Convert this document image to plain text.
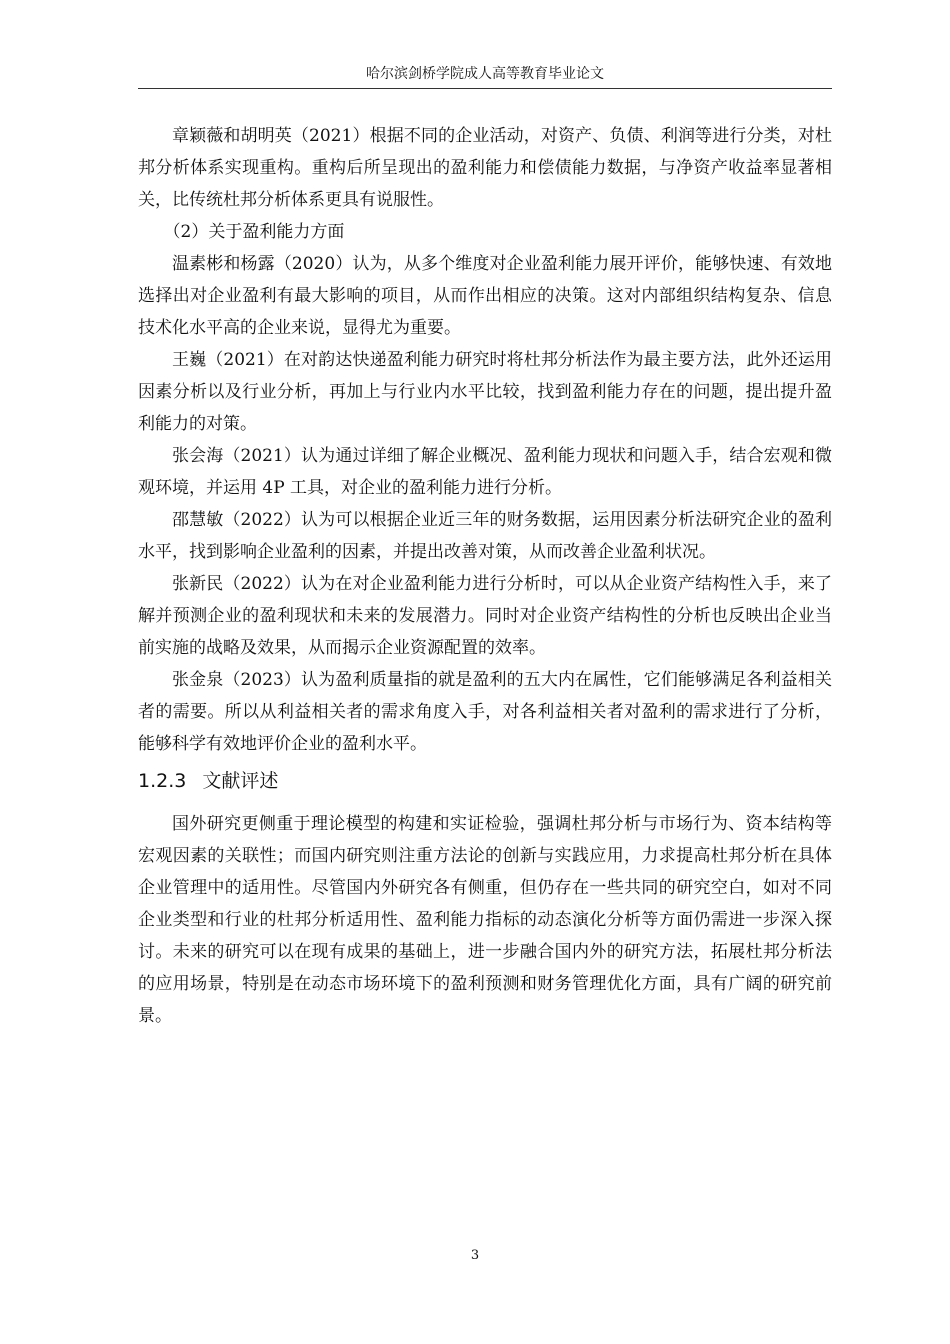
哈尔滨剑桥学院成人高等教育毕业论文

章颖薇和胡明英（2021）根据不同的企业活动，对资产、负债、利润等进行分类，对杜邦分析体系实现重构。重构后所呈现出的盈利能力和偿债能力数据，与净资产收益率显著相关，比传统杜邦分析体系更具有说服性。

（2）关于盈利能力方面

温素彬和杨露（2020）认为，从多个维度对企业盈利能力展开评价，能够快速、有效地选择出对企业盈利有最大影响的项目，从而作出相应的决策。这对内部组织结构复杂、信息技术化水平高的企业来说，显得尤为重要。

王巍（2021）在对韵达快递盈利能力研究时将杜邦分析法作为最主要方法，此外还运用因素分析以及行业分析，再加上与行业内水平比较，找到盈利能力存在的问题，提出提升盈利能力的对策。

张会海（2021）认为通过详细了解企业概况、盈利能力现状和问题入手，结合宏观和微观环境，并运用 4P 工具，对企业的盈利能力进行分析。

邵慧敏（2022）认为可以根据企业近三年的财务数据，运用因素分析法研究企业的盈利水平，找到影响企业盈利的因素，并提出改善对策，从而改善企业盈利状况。

张新民（2022）认为在对企业盈利能力进行分析时，可以从企业资产结构性入手，来了解并预测企业的盈利现状和未来的发展潜力。同时对企业资产结构性的分析也反映出企业当前实施的战略及效果，从而揭示企业资源配置的效率。

张金泉（2023）认为盈利质量指的就是盈利的五大内在属性，它们能够满足各利益相关者的需要。所以从利益相关者的需求角度入手，对各利益相关者对盈利的需求进行了分析，能够科学有效地评价企业的盈利水平。

1.2.3 文献评述

国外研究更侧重于理论模型的构建和实证检验，强调杜邦分析与市场行为、资本结构等宏观因素的关联性；而国内研究则注重方法论的创新与实践应用，力求提高杜邦分析在具体企业管理中的适用性。尽管国内外研究各有侧重，但仍存在一些共同的研究空白，如对不同企业类型和行业的杜邦分析适用性、盈利能力指标的动态演化分析等方面仍需进一步深入探讨。未来的研究可以在现有成果的基础上，进一步融合国内外的研究方法，拓展杜邦分析法的应用场景，特别是在动态市场环境下的盈利预测和财务管理优化方面，具有广阔的研究前景。

3
